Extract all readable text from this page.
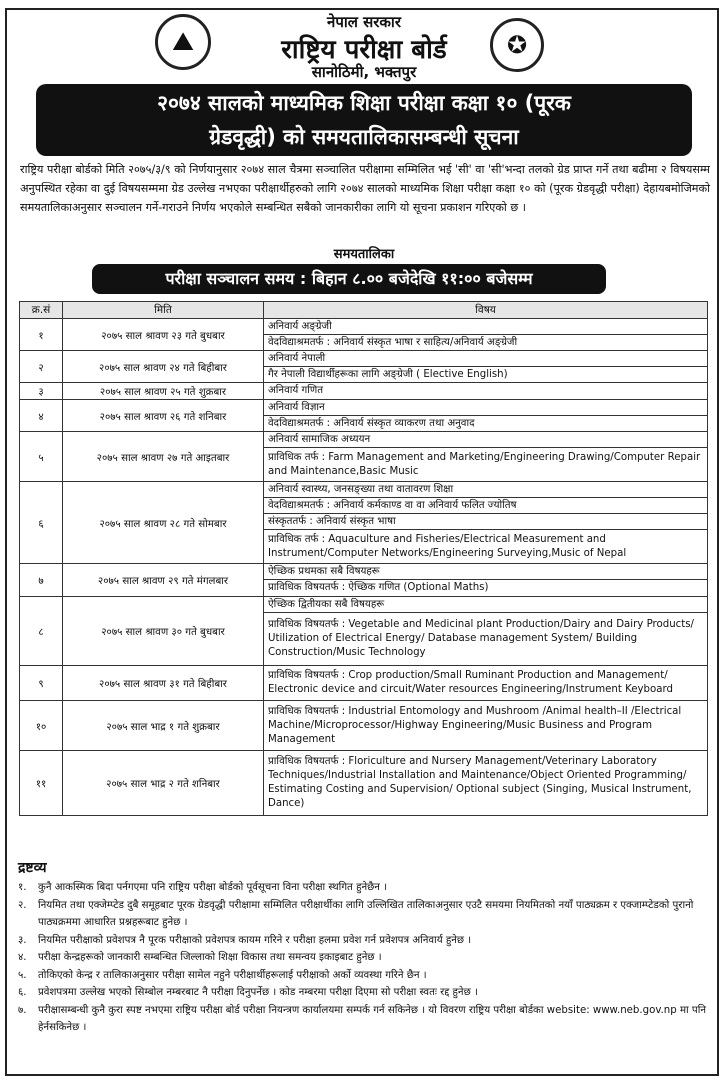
⛰	✪
नेपाल सरकार
राष्ट्रिय परीक्षा बोर्ड
सानोठिमी, भक्तपुर
२०७४ सालको माध्यमिक शिक्षा परीक्षा कक्षा १० (पूरक
ग्रेडवृद्धी) को समयतालिकासम्बन्धी सूचना
राष्ट्रिय परीक्षा बोर्डको मिति २०७५/३/९ को निर्णयानुसार २०७४ साल चैत्रमा सञ्चालित परीक्षामा सम्मिलित भई 'सी' वा 'सी'भन्दा तलको ग्रेड प्राप्त गर्ने तथा बढीमा २ विषयसम्म अनुपस्थित रहेका वा दुई विषयसम्ममा ग्रेड उल्लेख नभएका परीक्षार्थीहरुको लागि २०७४ सालको माध्यमिक शिक्षा परीक्षा कक्षा १० को (पूरक ग्रेडवृद्धी परीक्षा) देहायबमोजिमको समयतालिकाअनुसार सञ्चालन गर्ने-गराउने निर्णय भएकोले सम्बन्धित सबैको जानकारीका लागि यो सूचना प्रकाशन गरिएको छ ।
समयतालिका
परीक्षा सञ्चालन समय : बिहान ८.०० बजेदेखि ११:०० बजेसम्म
क्र.सं	मिति	विषय
१	२०७५ साल श्रावण २३ गते बुधबार	अनिवार्य अङ्ग्रेजी
		वेदविद्याश्रमतर्फ : अनिवार्य संस्कृत भाषा र साहित्य/अनिवार्य अङ्ग्रेजी
२	२०७५ साल श्रावण २४ गते बिहीबार	अनिवार्य नेपाली
		गैर नेपाली विद्यार्थीहरूका लागि अङ्ग्रेजी ( Elective English)
३	२०७५ साल श्रावण २५ गते शुक्रबार	अनिवार्य गणित
४	२०७५ साल श्रावण २६ गते शनिबार	अनिवार्य विज्ञान
		वेदविद्याश्रमतर्फ : अनिवार्य संस्कृत व्याकरण तथा अनुवाद
५	२०७५ साल श्रावण २७ गते आइतबार	अनिवार्य सामाजिक अध्ययन
		प्राविधिक तर्फ : Farm Management and Marketing/Engineering Drawing/Computer Repair and Maintenance,Basic Music
६	२०७५ साल श्रावण २८ गते सोमबार	अनिवार्य स्वास्थ्य, जनसङ्ख्या तथा वातावरण शिक्षा
		वेदविद्याश्रमतर्फ : अनिवार्य कर्मकाण्ड वा वा अनिवार्य फलित ज्योतिष
		संस्कृततर्फ : अनिवार्य संस्कृत भाषा
		प्राविधिक तर्फ : Aquaculture and Fisheries/Electrical Measurement and Instrument/Computer Networks/Engineering Surveying,Music of Nepal
७	२०७५ साल श्रावण २९ गते मंगलबार	ऐच्छिक प्रथमका सबै विषयहरू
		प्राविधिक विषयतर्फ : ऐच्छिक गणित (Optional Maths)
८	२०७५ साल श्रावण ३० गते बुधबार	ऐच्छिक द्वितीयका सबै विषयहरू
		प्राविधिक विषयतर्फ : Vegetable and Medicinal plant Production/Dairy and Dairy Products/ Utilization of Electrical Energy/ Database management System/ Building Construction/Music Technology
९	२०७५ साल श्रावण ३१ गते बिहीबार	प्राविधिक विषयतर्फ : Crop production/Small Ruminant Production and Management/ Electronic device and circuit/Water resources Engineering/Instrument Keyboard
१०	२०७५ साल भाद्र १ गते शुक्रबार	प्राविधिक विषयतर्फ : Industrial Entomology and Mushroom /Animal health–II /Electrical Machine/Microprocessor/Highway Engineering/Music Business and Program Management
११	२०७५ साल भाद्र २ गते शनिबार	प्राविधिक विषयतर्फ : Floriculture and Nursery Management/Veterinary Laboratory Techniques/Industrial Installation and Maintenance/Object Oriented Programming/ Estimating Costing and Supervision/ Optional subject (Singing, Musical Instrument, Dance)
द्रष्टव्य
१.	कुनै आकस्मिक बिदा पर्नगएमा पनि राष्ट्रिय परीक्षा बोर्डको पूर्वसूचना विना परीक्षा स्थगित हुनेछैन ।
२.	नियमित तथा एक्जेम्प्टेड दुबै समूहबाट पूरक ग्रेडवृद्धी परीक्षामा सम्मिलित परीक्षार्थीका लागि उल्लिखित तालिकाअनुसार एउटै समयमा नियमितको नयाँ पाठ्यक्रम र एक्जाम्प्टेडको पुरानो पाठ्यक्रममा आधारित प्रश्नहरूबाट हुनेछ ।
३.	नियमित परीक्षाको प्रवेशपत्र नै पूरक परीक्षाको प्रवेशपत्र कायम गरिने र परीक्षा हलमा प्रवेश गर्न प्रवेशपत्र अनिवार्य हुनेछ ।
४.	परीक्षा केन्द्रहरूको जानकारी सम्बन्धित जिल्लाको शिक्षा विकास तथा समन्वय इकाइबाट हुनेछ ।
५.	तोकिएको केन्द्र र तालिकाअनुसार परीक्षा सामेल नहुने परीक्षार्थीहरूलाई परीक्षाको अर्को व्यवस्था गरिने छैन ।
६.	प्रवेशपत्रमा उल्लेख भएको सिम्बोल नम्बरबाट नै परीक्षा दिनुपर्नेछ । कोड नम्बरमा परीक्षा दिएमा सो परीक्षा स्वतः रद्द हुनेछ ।
७.	परीक्षासम्बन्धी कुनै कुरा स्पष्ट नभएमा राष्ट्रिय परीक्षा बोर्ड परीक्षा नियन्त्रण कार्यालयमा सम्पर्क गर्न सकिनेछ । यो विवरण राष्ट्रिय परीक्षा बोर्डका website: www.neb.gov.np मा पनि हेर्नसकिनेछ ।
